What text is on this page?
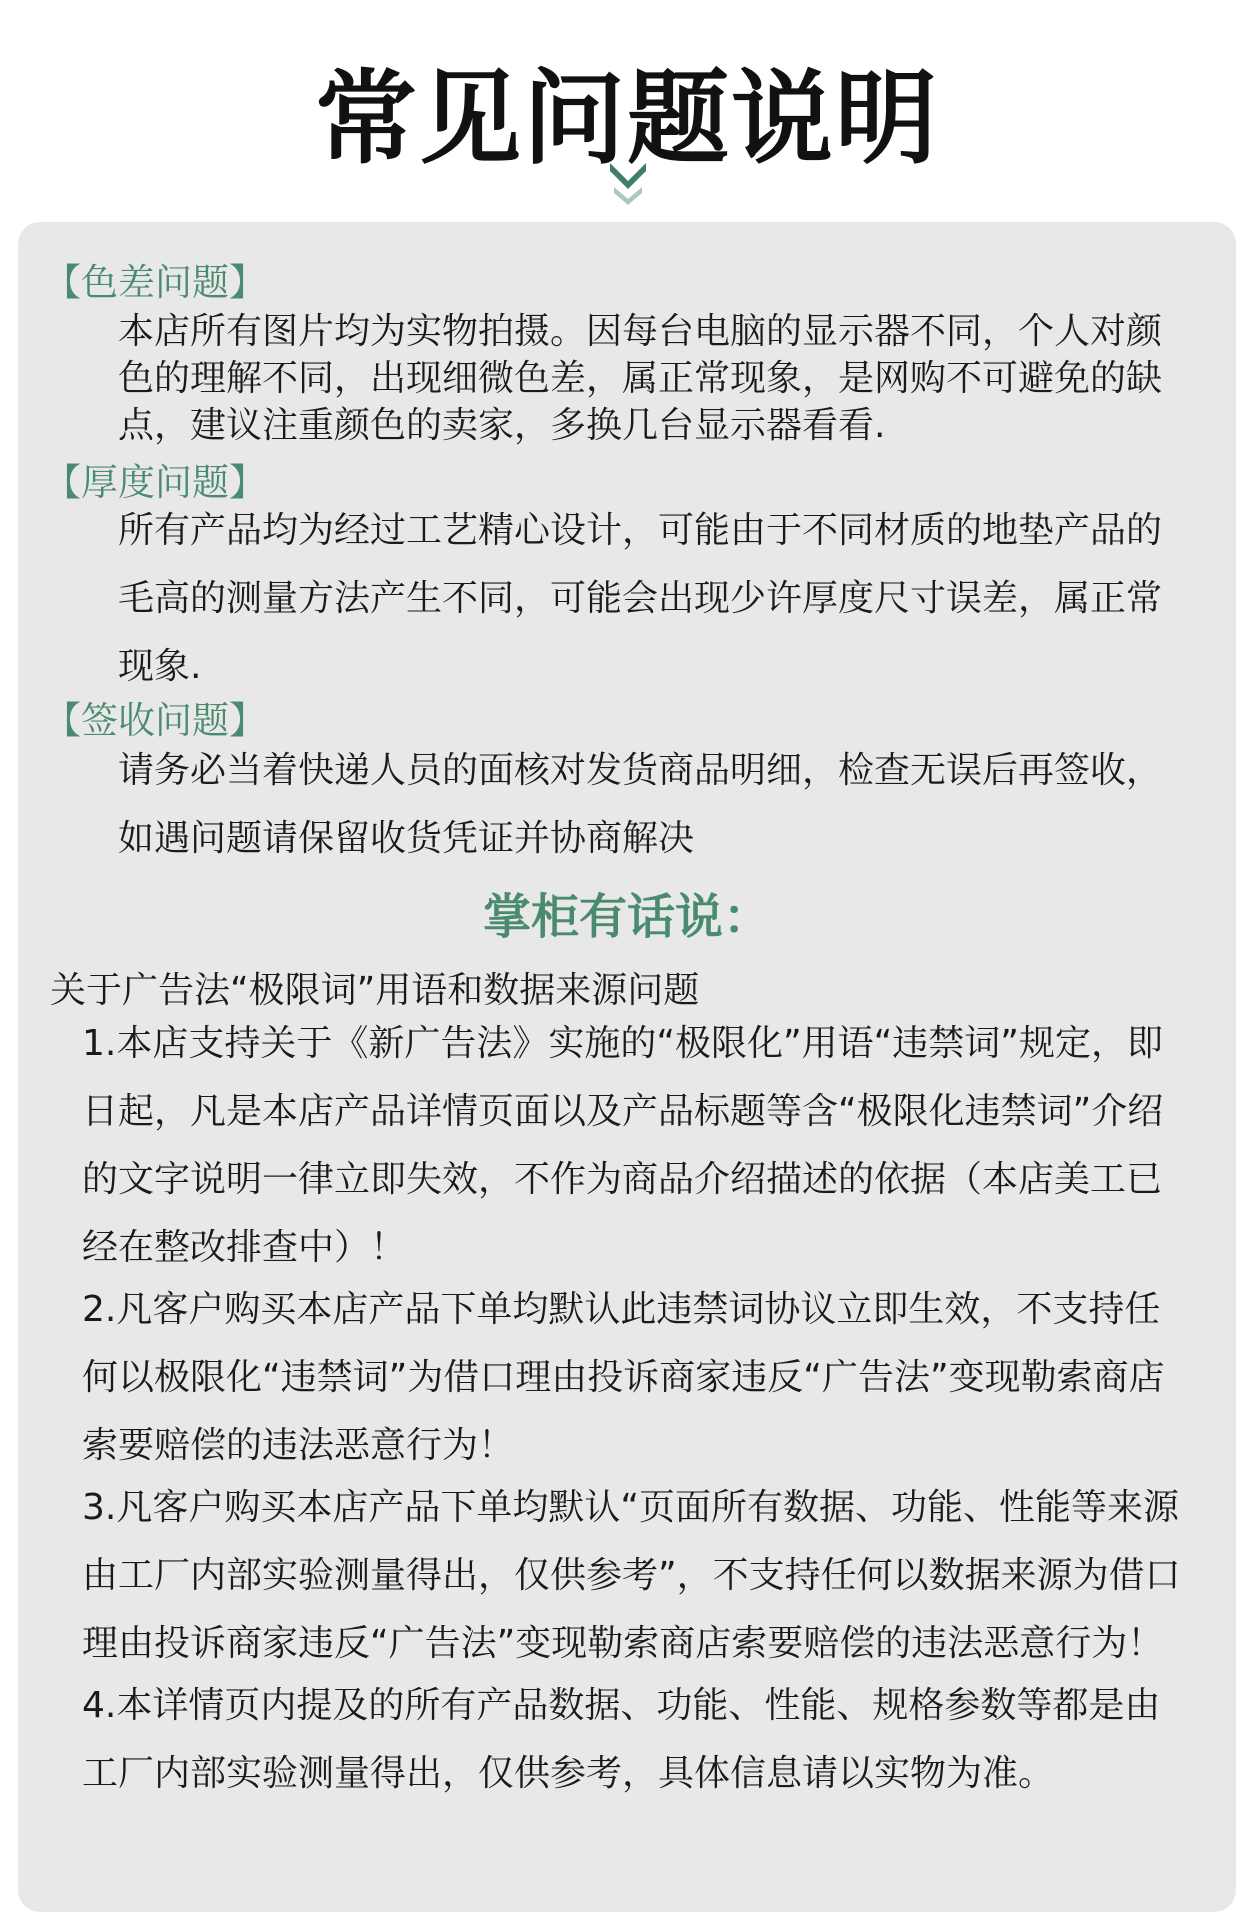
常见问题说明
【色差问题】

本店所有图片均为实物拍摄。因每台电脑的显示器不同，个人对颜色的理解不同，出现细微色差，属正常现象，是网购不可避免的缺点，建议注重颜色的卖家，多换几台显示器看看.

【厚度问题】

所有产品均为经过工艺精心设计，可能由于不同材质的地垫产品的毛高的测量方法产生不同，可能会出现少许厚度尺寸误差，属正常现象.

【签收问题】

请务必当着快递人员的面核对发货商品明细，检查无误后再签收，如遇问题请保留收货凭证并协商解决

掌柜有话说：
关于广告法“极限词”用语和数据来源问题

1.本店支持关于《新广告法》实施的“极限化”用语“违禁词”规定，即日起，凡是本店产品详情页面以及产品标题等含“极限化违禁词”介绍的文字说明一律立即失效，不作为商品介绍描述的依据（本店美工已经在整改排查中）！

2.凡客户购买本店产品下单均默认此违禁词协议立即生效，不支持任何以极限化“违禁词”为借口理由投诉商家违反“广告法”变现勒索商店索要赔偿的违法恶意行为！

3.凡客户购买本店产品下单均默认“页面所有数据、功能、性能等来源由工厂内部实验测量得出，仅供参考”，不支持任何以数据来源为借口理由投诉商家违反“广告法”变现勒索商店索要赔偿的违法恶意行为！

4.本详情页内提及的所有产品数据、功能、性能、规格参数等都是由工厂内部实验测量得出，仅供参考，具体信息请以实物为准。
